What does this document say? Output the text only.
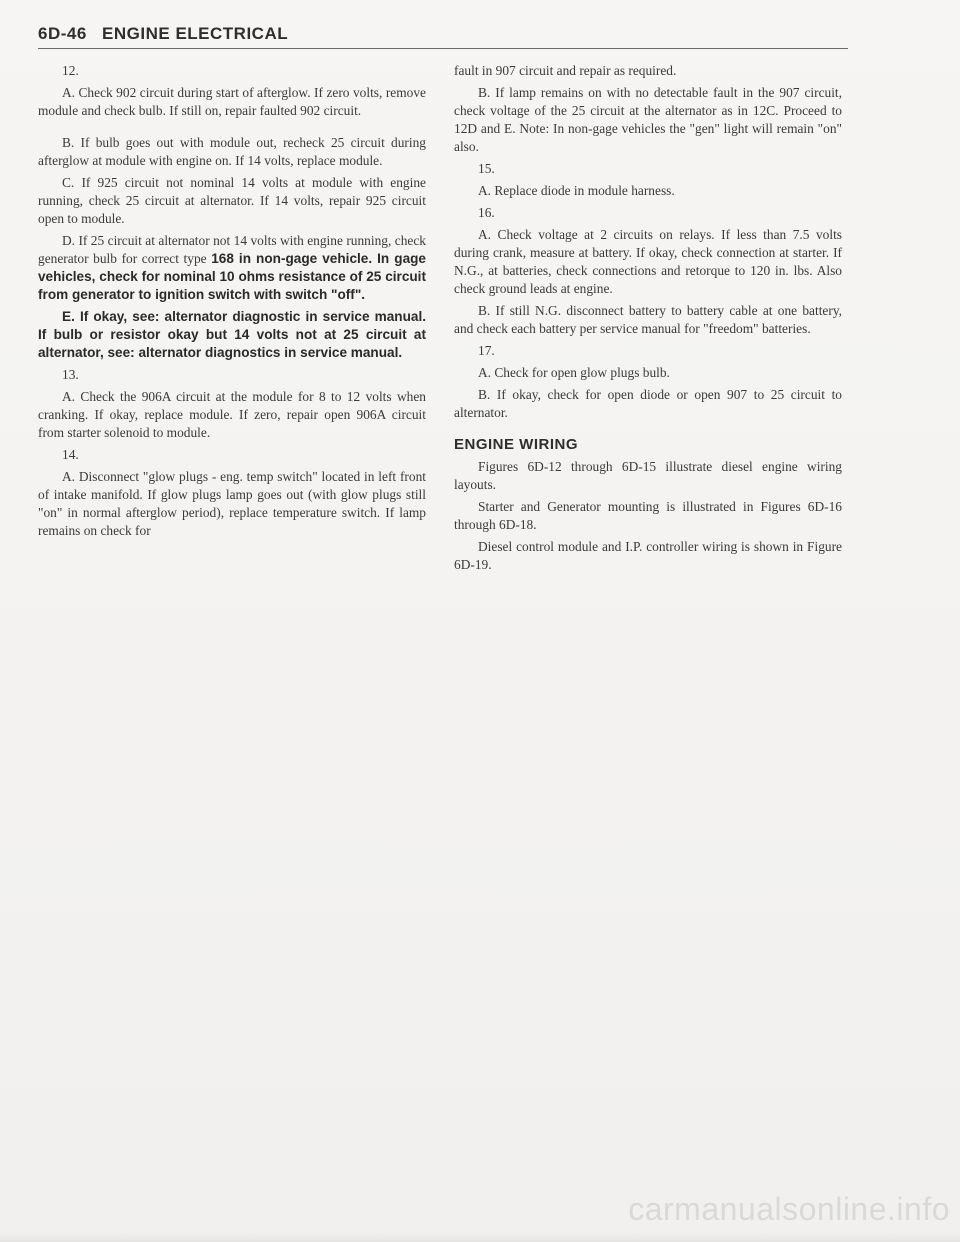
6D-46 ENGINE ELECTRICAL

12.

A. Check 902 circuit during start of afterglow. If zero volts, remove module and check bulb. If still on, repair faulted 902 circuit.

B. If bulb goes out with module out, recheck 25 circuit during afterglow at module with engine on. If 14 volts, replace module.

C. If 925 circuit not nominal 14 volts at module with engine running, check 25 circuit at alternator. If 14 volts, repair 925 circuit open to module.

D. If 25 circuit at alternator not 14 volts with engine running, check generator bulb for correct type 168 in non-gage vehicle. In gage vehicles, check for nominal 10 ohms resistance of 25 circuit from generator to ignition switch with switch "off".

E. If okay, see: alternator diagnostic in service manual. If bulb or resistor okay but 14 volts not at 25 circuit at alternator, see: alternator diagnostics in service manual.

13.

A. Check the 906A circuit at the module for 8 to 12 volts when cranking. If okay, replace module. If zero, repair open 906A circuit from starter solenoid to module.

14.

A. Disconnect "glow plugs - eng. temp switch" located in left front of intake manifold. If glow plugs lamp goes out (with glow plugs still "on" in normal afterglow period), replace temperature switch. If lamp remains on check for

fault in 907 circuit and repair as required.

B. If lamp remains on with no detectable fault in the 907 circuit, check voltage of the 25 circuit at the alternator as in 12C. Proceed to 12D and E. Note: In non-gage vehicles the "gen" light will remain "on" also.

15.

A. Replace diode in module harness.

16.

A. Check voltage at 2 circuits on relays. If less than 7.5 volts during crank, measure at battery. If okay, check connection at starter. If N.G., at batteries, check connections and retorque to 120 in. lbs. Also check ground leads at engine.

B. If still N.G. disconnect battery to battery cable at one battery, and check each battery per service manual for "freedom" batteries.

17.

A. Check for open glow plugs bulb.

B. If okay, check for open diode or open 907 to 25 circuit to alternator.

ENGINE WIRING

Figures 6D-12 through 6D-15 illustrate diesel engine wiring layouts.

Starter and Generator mounting is illustrated in Figures 6D-16 through 6D-18.

Diesel control module and I.P. controller wiring is shown in Figure 6D-19.

carmanualsonline.info
